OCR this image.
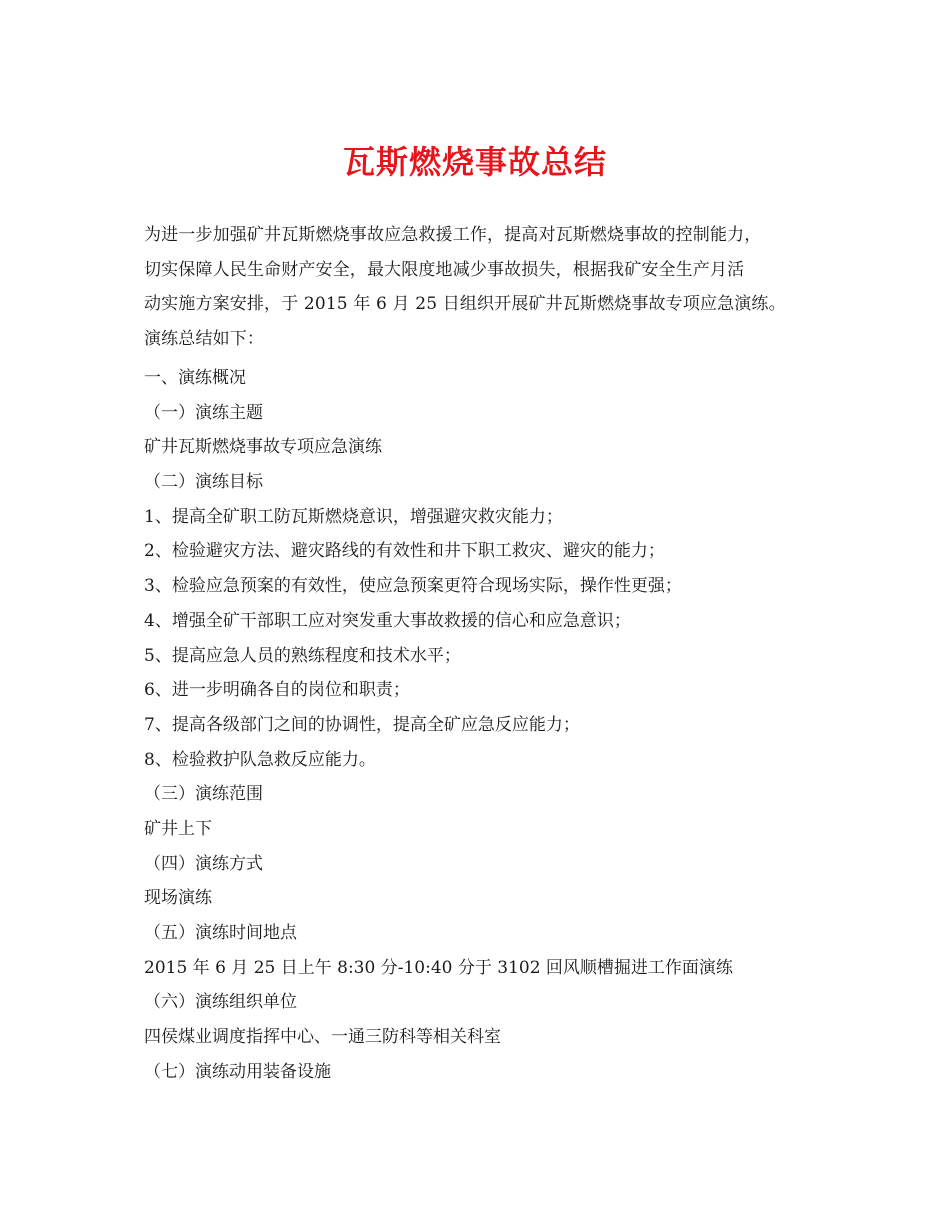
瓦斯燃烧事故总结
为进一步加强矿井瓦斯燃烧事故应急救援工作，提高对瓦斯燃烧事故的控制能力，
切实保障人民生命财产安全，最大限度地减少事故损失，根据我矿安全生产月活
动实施方案安排，于 2015 年 6 月 25 日组织开展矿井瓦斯燃烧事故专项应急演练。
演练总结如下：
一、演练概况
（一）演练主题
矿井瓦斯燃烧事故专项应急演练
（二）演练目标
1、提高全矿职工防瓦斯燃烧意识，增强避灾救灾能力；
2、检验避灾方法、避灾路线的有效性和井下职工救灾、避灾的能力；
3、检验应急预案的有效性，使应急预案更符合现场实际，操作性更强；
4、增强全矿干部职工应对突发重大事故救援的信心和应急意识；
5、提高应急人员的熟练程度和技术水平；
6、进一步明确各自的岗位和职责；
7、提高各级部门之间的协调性，提高全矿应急反应能力；
8、检验救护队急救反应能力。
（三）演练范围
矿井上下
（四）演练方式
现场演练
（五）演练时间地点
2015 年 6 月 25 日上午 8:30 分-10:40 分于 3102 回风顺槽掘进工作面演练
（六）演练组织单位
四侯煤业调度指挥中心、一通三防科等相关科室
（七）演练动用装备设施
